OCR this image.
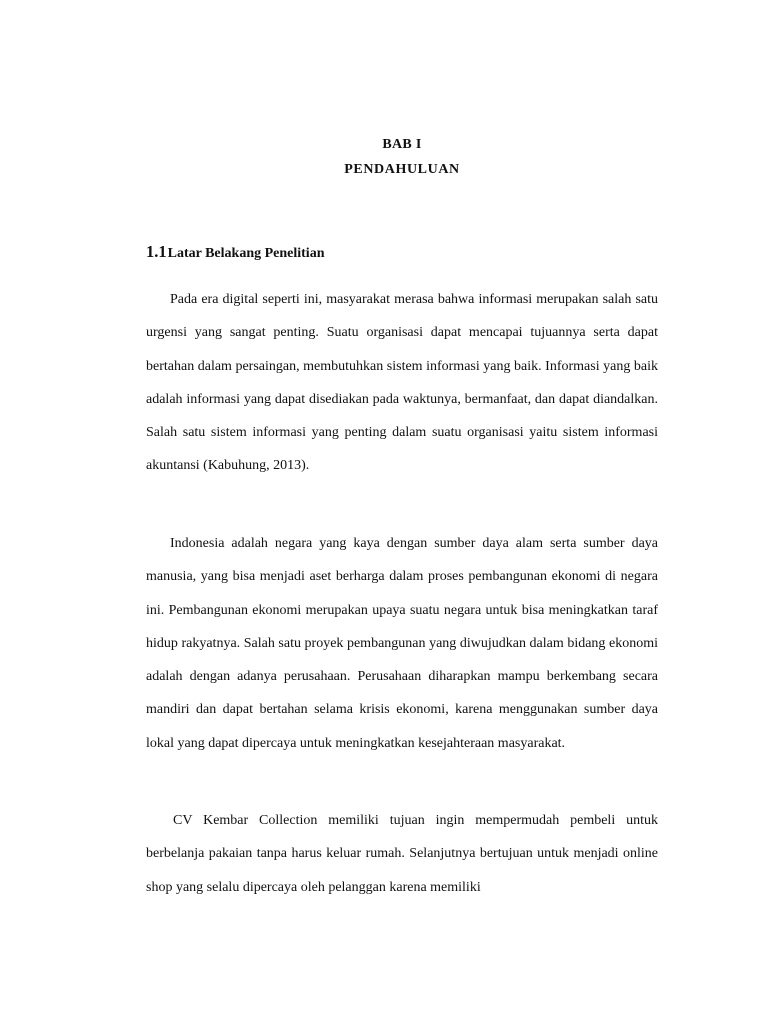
BAB I
PENDAHULUAN
1.1Latar Belakang Penelitian

Pada era digital seperti ini, masyarakat merasa bahwa informasi merupakan salah satu urgensi yang sangat penting. Suatu organisasi dapat mencapai tujuannya serta dapat bertahan dalam persaingan, membutuhkan sistem informasi yang baik. Informasi yang baik adalah informasi yang dapat disediakan pada waktunya, bermanfaat, dan dapat diandalkan. Salah satu sistem informasi yang penting dalam suatu organisasi yaitu sistem informasi akuntansi (Kabuhung, 2013).

Indonesia adalah negara yang kaya dengan sumber daya alam serta sumber daya manusia, yang bisa menjadi aset berharga dalam proses pembangunan ekonomi di negara ini. Pembangunan ekonomi merupakan upaya suatu negara untuk bisa meningkatkan taraf hidup rakyatnya. Salah satu proyek pembangunan yang diwujudkan dalam bidang ekonomi adalah dengan adanya perusahaan. Perusahaan diharapkan mampu berkembang secara mandiri dan dapat bertahan selama krisis ekonomi, karena menggunakan sumber daya lokal yang dapat dipercaya untuk meningkatkan kesejahteraan masyarakat.

CV Kembar Collection memiliki tujuan ingin mempermudah pembeli untuk berbelanja pakaian tanpa harus keluar rumah. Selanjutnya bertujuan untuk menjadi online shop yang selalu dipercaya oleh pelanggan karena memiliki
